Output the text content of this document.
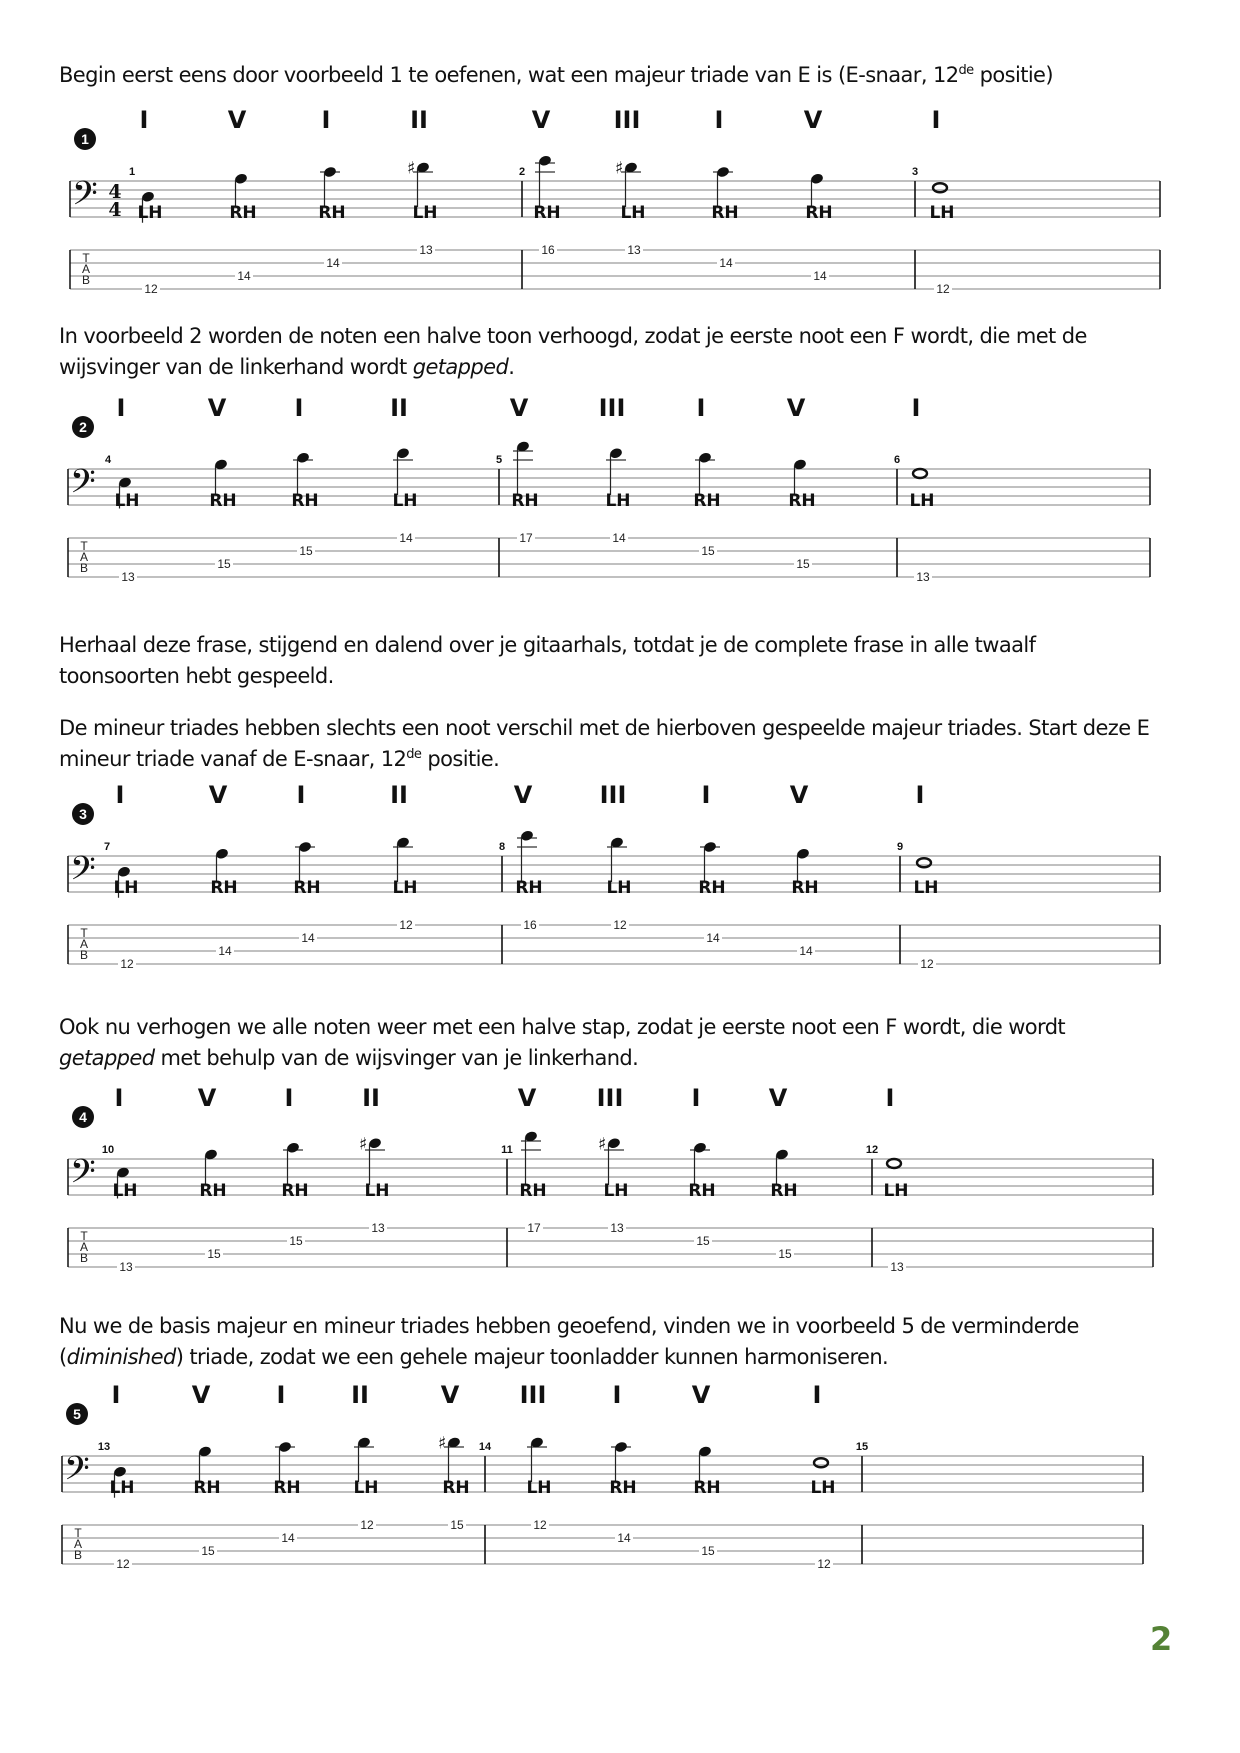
Begin eerst eens door voorbeeld 1 te oefenen, wat een majeur triade van E is (E-snaar, 12de positie)

In voorbeeld 2 worden de noten een halve toon verhoogd, zodat je eerste noot een F wordt, die met de
wijsvinger van de linkerhand wordt getapped.

Herhaal deze frase, stijgend en dalend over je gitaarhals, totdat je de complete frase in alle twaalf
toonsoorten hebt gespeeld.

De mineur triades hebben slechts een noot verschil met de hierboven gespeelde majeur triades. Start deze E
mineur triade vanaf de E-snaar, 12de positie.

Ook nu verhogen we alle noten weer met een halve stap, zodat je eerste noot een F wordt, die wordt
getapped met behulp van de wijsvinger van je linkerhand.

Nu we de basis majeur en mineur triades hebben geoefend, vinden we in voorbeeld 5 de verminderde
(diminished) triade, zodat we een gehele majeur toonladder kunnen harmoniseren.

I	V	I	II	V	III	I	V	I
1
𝄢 4
4
T
A
B
1	2	3
LH
12
RH
14
RH
14
♯
LH
13
RH
16
♯
LH
13
RH
14
RH
14
LH
12
I	V	I	II	V	III	I	V	I
2
𝄢
T
A
B
4	5	6
LH
13
RH
15
RH
15
LH
14
RH
17
LH
14
RH
15
RH
15
LH
13
I	V	I	II	V	III	I	V	I
3
𝄢
T
A
B
7	8	9
LH
12
RH
14
RH
14
LH
12
RH
16
LH
12
RH
14
RH
14
LH
12
I	V	I	II	V	III	I	V	I
4
𝄢
T
A
B
10	11	12
LH
13
RH
15
RH
15
♯
LH
13
RH
17
♯
LH
13
RH
15
RH
15
LH
13
I	V	I	II	V	III	I	V	I
5
𝄢
T
A
B
13	14	15
LH
12
RH
15
RH
14
LH
12
♯
RH
15
LH
12
RH
14
RH
15
LH
12
2
